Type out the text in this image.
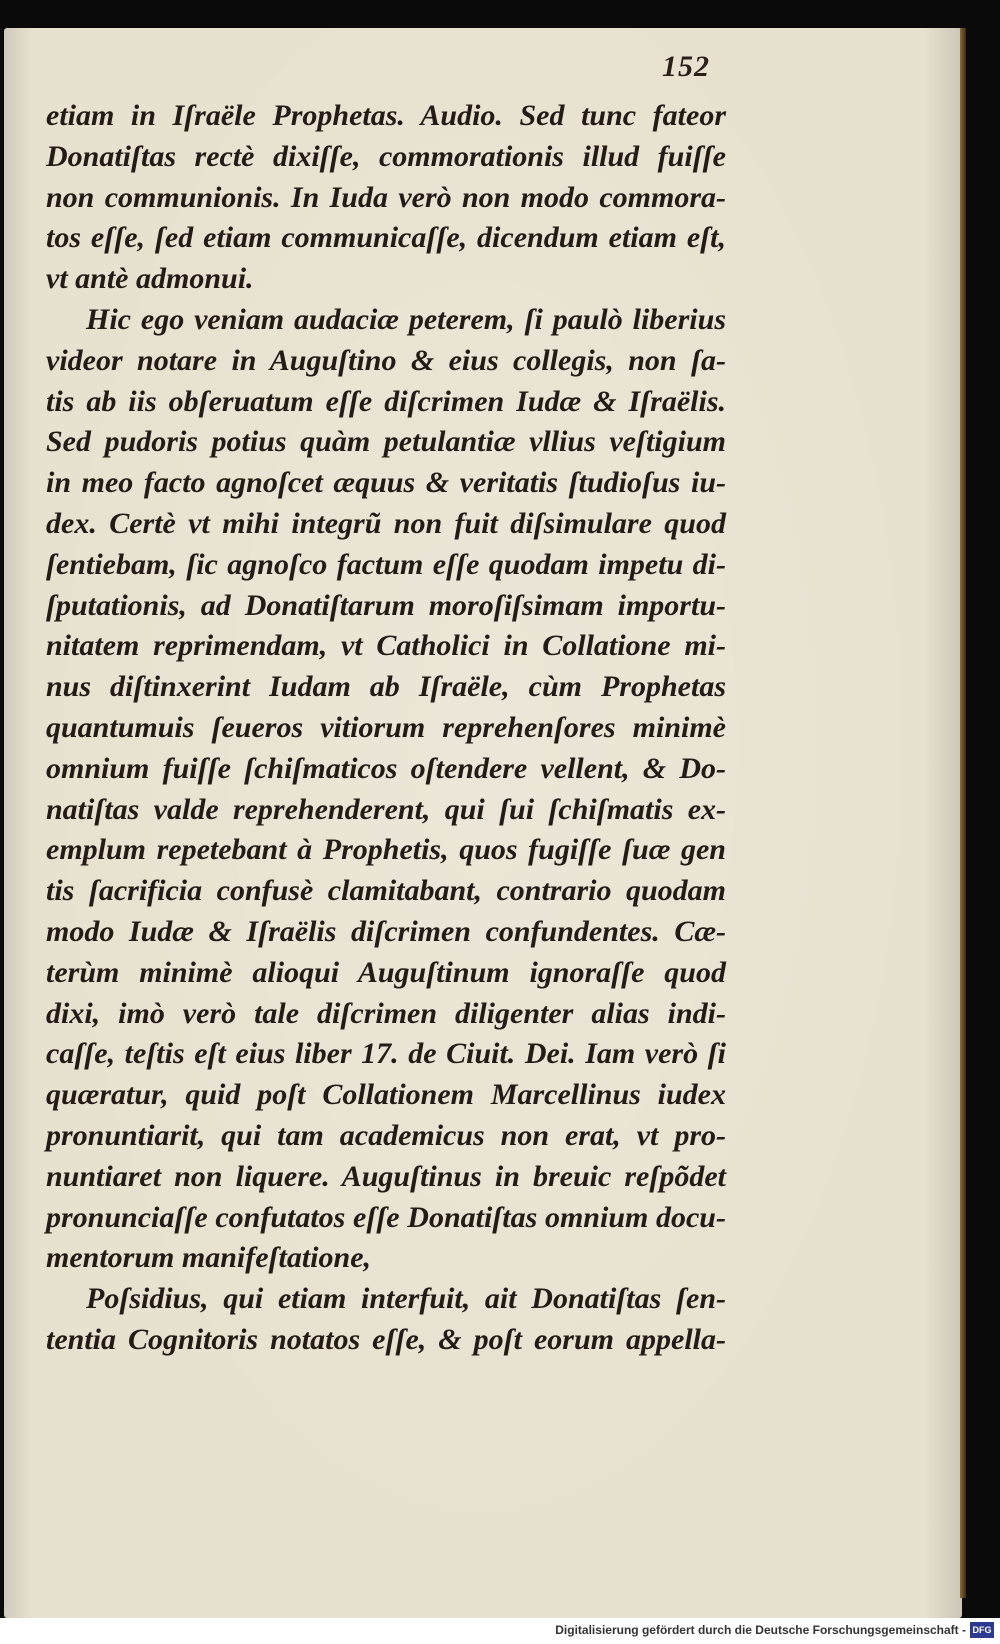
152
etiam in Iſraële Prophetas. Audio. Sed tunc fateor
Donatiſtas rectè dixiſſe, commorationis illud fuiſſe
non communionis. In Iuda verò non modo commora-
tos eſſe, ſed etiam communicaſſe, dicendum etiam eſt,
vt antè admonui.
Hic ego veniam audaciæ peterem, ſi paulò liberius
videor notare in Auguſtino & eius collegis, non ſa-
tis ab iis obſeruatum eſſe diſcrimen Iudæ & Iſraëlis.
Sed pudoris potius quàm petulantiæ vllius veſtigium
in meo facto agnoſcet æquus & veritatis ſtudioſus iu-
dex. Certè vt mihi integrũ non fuit diſsimulare quod
ſentiebam, ſic agnoſco factum eſſe quodam impetu di-
ſputationis, ad Donatiſtarum moroſiſsimam importu-
nitatem reprimendam, vt Catholici in Collatione mi-
nus diſtinxerint Iudam ab Iſraële, cùm Prophetas
quantumuis ſeueros vitiorum reprehenſores minimè
omnium fuiſſe ſchiſmaticos oſtendere vellent, & Do-
natiſtas valde reprehenderent, qui ſui ſchiſmatis ex-
emplum repetebant à Prophetis, quos fugiſſe ſuæ gen
tis ſacrificia confusè clamitabant, contrario quodam
modo Iudæ & Iſraëlis diſcrimen confundentes. Cæ-
terùm minimè alioqui Auguſtinum ignoraſſe quod
dixi, imò verò tale diſcrimen diligenter alias indi-
caſſe, teſtis eſt eius liber 17. de Ciuit. Dei. Iam verò ſi
quæratur, quid poſt Collationem Marcellinus iudex
pronuntiarit, qui tam academicus non erat, vt pro-
nuntiaret non liquere. Auguſtinus in breuic reſpõdet
pronunciaſſe confutatos eſſe Donatiſtas omnium docu-
mentorum manifeſtatione,
Poſsidius, qui etiam interfuit, ait Donatiſtas ſen-
tentia Cognitoris notatos eſſe, & poſt eorum appella-
Digitalisierung gefördert durch die Deutsche Forschungsgemeinschaft - DFG
